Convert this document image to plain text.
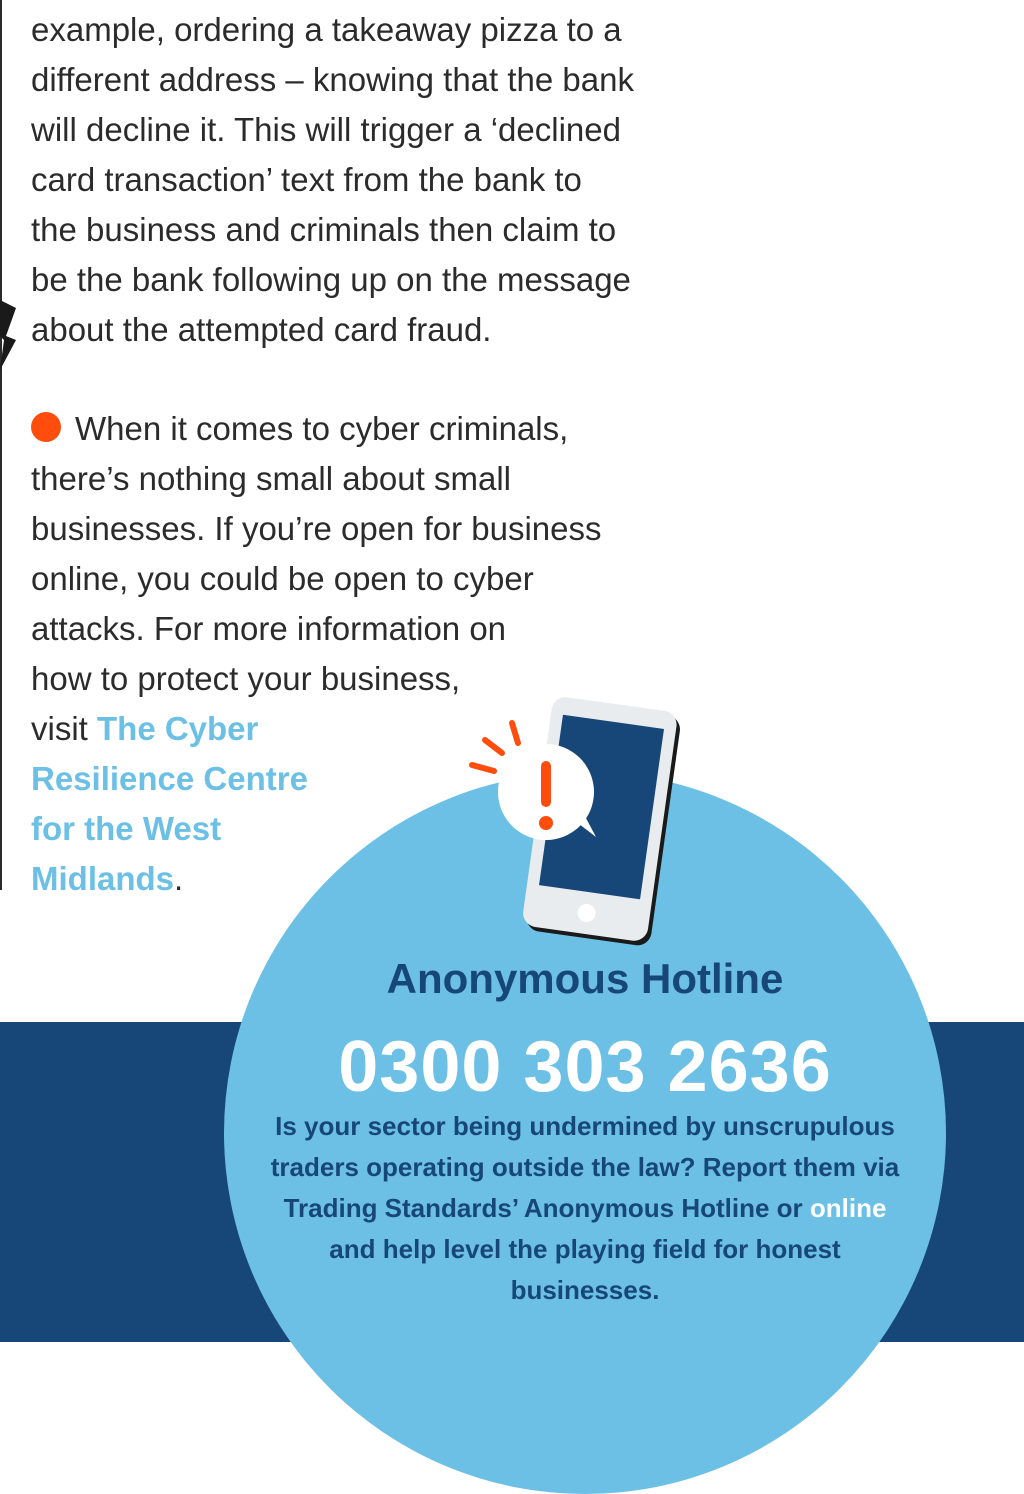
example, ordering a takeaway pizza to a
different address – knowing that the bank
will decline it. This will trigger a ‘declined
card transaction’ text from the bank to
the business and criminals then claim to
be the bank following up on the message
about the attempted card fraud.

When it comes to cyber criminals,
there’s nothing small about small
businesses. If you’re open for business
online, you could be open to cyber
attacks. For more information on
how to protect your business,
visit The Cyber
Resilience Centre
for the West
Midlands.

Anonymous Hotline
0300 303 2636

Is your sector being undermined by unscrupulous traders operating outside the law? Report them via Trading Standards’ Anonymous Hotline or online and help level the playing field for honest businesses.
